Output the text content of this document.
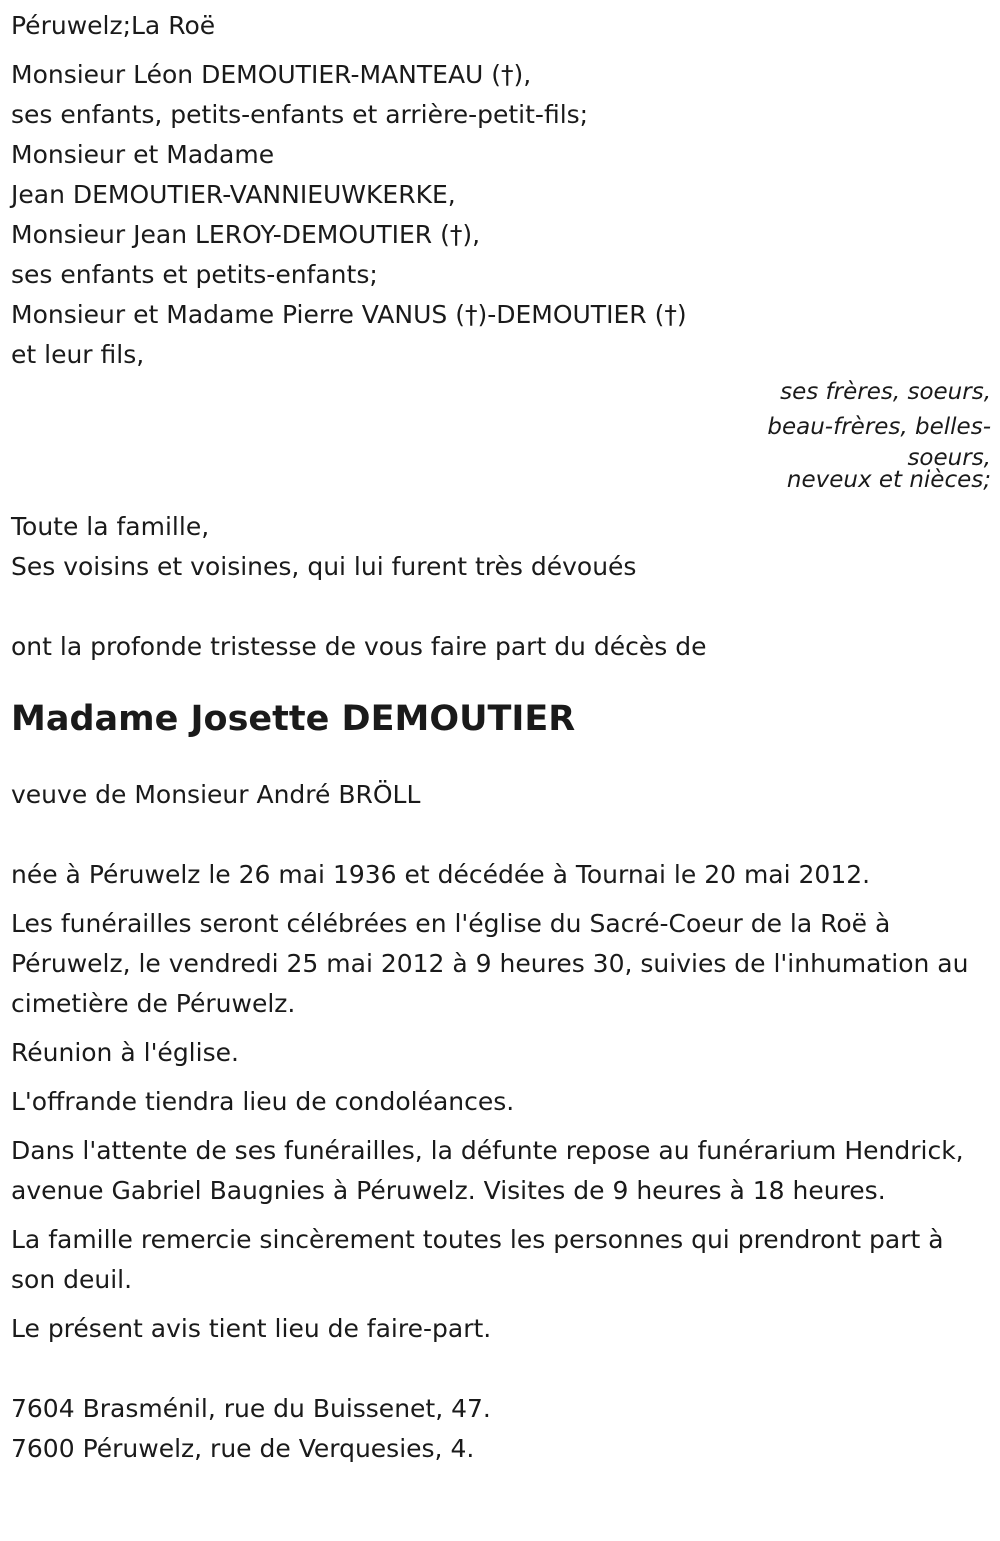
Péruwelz;La Roë
Monsieur Léon DEMOUTIER-MANTEAU (†),
ses enfants, petits-enfants et arrière-petit-fils;
Monsieur et Madame
Jean DEMOUTIER-VANNIEUWKERKE,
Monsieur Jean LEROY-DEMOUTIER (†),
ses enfants et petits-enfants;
Monsieur et Madame Pierre VANUS (†)-DEMOUTIER (†)
et leur fils,
ses frères, soeurs,
beau-frères, belles-
soeurs,
neveux et nièces;
Toute la famille,
Ses voisins et voisines, qui lui furent très dévoués
ont la profonde tristesse de vous faire part du décès de
Madame Josette DEMOUTIER
veuve de Monsieur André BRÖLL
née à Péruwelz le 26 mai 1936 et décédée à Tournai le 20 mai 2012.
Les funérailles seront célébrées en l'église du Sacré-Coeur de la Roë à Péruwelz, le vendredi 25 mai 2012 à 9 heures 30, suivies de l'inhumation au cimetière de Péruwelz.
Réunion à l'église.
L'offrande tiendra lieu de condoléances.
Dans l'attente de ses funérailles, la défunte repose au funérarium Hendrick, avenue Gabriel Baugnies à Péruwelz. Visites de 9 heures à 18 heures.
La famille remercie sincèrement toutes les personnes qui prendront part à son deuil.
Le présent avis tient lieu de faire-part.
7604 Brasménil, rue du Buissenet, 47.
7600 Péruwelz, rue de Verquesies, 4.
